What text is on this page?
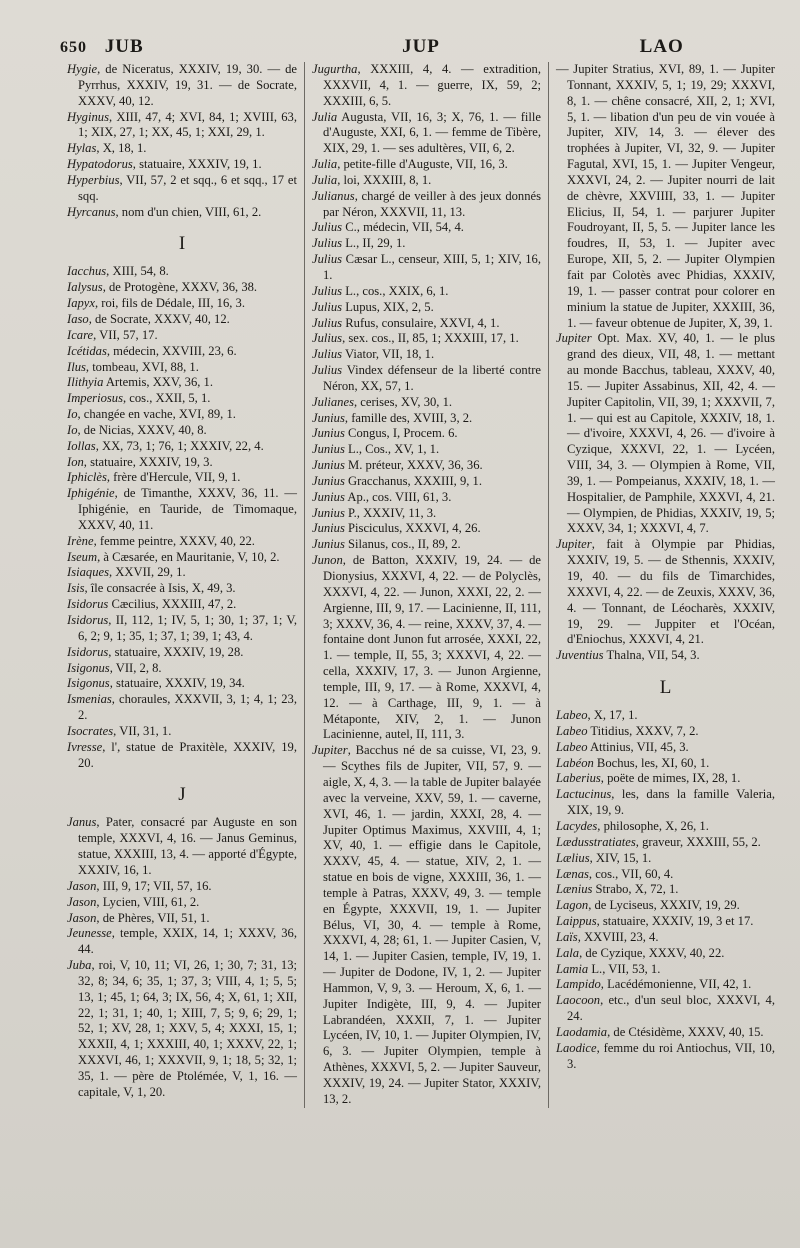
650 JUB	JUP	LAO

Hygie, de Niceratus, XXXIV, 19, 30. — de Pyrrhus, XXXIV, 19, 31. — de Socrate, XXXV, 40, 12.

Hyginus, XIII, 47, 4; XVI, 84, 1; XVIII, 63, 1; XIX, 27, 1; XX, 45, 1; XXI, 29, 1.

Hylas, X, 18, 1.

Hypatodorus, statuaire, XXXIV, 19, 1.

Hyperbius, VII, 57, 2 et sqq., 6 et sqq., 17 et sqq.

Hyrcanus, nom d'un chien, VIII, 61, 2.

I

Iacchus, XIII, 54, 8.

Ialysus, de Protogène, XXXV, 36, 38.

Iapyx, roi, fils de Dédale, III, 16, 3.

Iaso, de Socrate, XXXV, 40, 12.

Icare, VII, 57, 17.

Icétidas, médecin, XXVIII, 23, 6.

Ilus, tombeau, XVI, 88, 1.

Ilithyia Artemis, XXV, 36, 1.

Imperiosus, cos., XXII, 5, 1.

Io, changée en vache, XVI, 89, 1.

Io, de Nicias, XXXV, 40, 8.

Iollas, XX, 73, 1; 76, 1; XXXIV, 22, 4.

Ion, statuaire, XXXIV, 19, 3.

Iphiclès, frère d'Hercule, VII, 9, 1.

Iphigénie, de Timanthe, XXXV, 36, 11. — Iphigénie, en Tauride, de Timomaque, XXXV, 40, 11.

Irène, femme peintre, XXXV, 40, 22.

Iseum, à Cæsarée, en Mauritanie, V, 10, 2.

Isiaques, XXVII, 29, 1.

Isis, île consacrée à Isis, X, 49, 3.

Isidorus Cæcilius, XXXIII, 47, 2.

Isidorus, II, 112, 1; IV, 5, 1; 30, 1; 37, 1; V, 6, 2; 9, 1; 35, 1; 37, 1; 39, 1; 43, 4.

Isidorus, statuaire, XXXIV, 19, 28.

Isigonus, VII, 2, 8.

Isigonus, statuaire, XXXIV, 19, 34.

Ismenias, choraules, XXXVII, 3, 1; 4, 1; 23, 2.

Isocrates, VII, 31, 1.

Ivresse, l', statue de Praxitèle, XXXIV, 19, 20.

J

Janus, Pater, consacré par Auguste en son temple, XXXVI, 4, 16. — Janus Geminus, statue, XXXIII, 13, 4. — apporté d'Égypte, XXXIV, 16, 1.

Jason, III, 9, 17; VII, 57, 16.

Jason, Lycien, VIII, 61, 2.

Jason, de Phères, VII, 51, 1.

Jeunesse, temple, XXIX, 14, 1; XXXV, 36, 44.

Juba, roi, V, 10, 11; VI, 26, 1; 30, 7; 31, 13; 32, 8; 34, 6; 35, 1; 37, 3; VIII, 4, 1; 5, 5; 13, 1; 45, 1; 64, 3; IX, 56, 4; X, 61, 1; XII, 22, 1; 31, 1; 40, 1; XIII, 7, 5; 9, 6; 29, 1; 52, 1; XV, 28, 1; XXV, 5, 4; XXXI, 15, 1; XXXII, 4, 1; XXXIII, 40, 1; XXXV, 22, 1; XXXVI, 46, 1; XXXVII, 9, 1; 18, 5; 32, 1; 35, 1. — père de Ptolémée, V, 1, 16. — capitale, V, 1, 20.

Jugurtha, XXXIII, 4, 4. — extradition, XXXVII, 4, 1. — guerre, IX, 59, 2; XXXIII, 6, 5.

Julia Augusta, VII, 16, 3; X, 76, 1. — fille d'Auguste, XXI, 6, 1. — femme de Tibère, XIX, 29, 1. — ses adultères, VII, 6, 2.

Julia, petite-fille d'Auguste, VII, 16, 3.

Julia, loi, XXXIII, 8, 1.

Julianus, chargé de veiller à des jeux donnés par Néron, XXXVII, 11, 13.

Julius C., médecin, VII, 54, 4.

Julius L., II, 29, 1.

Julius Cæsar L., censeur, XIII, 5, 1; XIV, 16, 1.

Julius L., cos., XXIX, 6, 1.

Julius Lupus, XIX, 2, 5.

Julius Rufus, consulaire, XXVI, 4, 1.

Julius, sex. cos., II, 85, 1; XXXIII, 17, 1.

Julius Viator, VII, 18, 1.

Julius Vindex défenseur de la liberté contre Néron, XX, 57, 1.

Julianes, cerises, XV, 30, 1.

Junius, famille des, XVIII, 3, 2.

Junius Congus, I, Procem. 6.

Junius L., Cos., XV, 1, 1.

Junius M. préteur, XXXV, 36, 36.

Junius Gracchanus, XXXIII, 9, 1.

Junius Ap., cos. VIII, 61, 3.

Junius P., XXXIV, 11, 3.

Junius Pisciculus, XXXVI, 4, 26.

Junius Silanus, cos., II, 89, 2.

Junon, de Batton, XXXIV, 19, 24. — de Dionysius, XXXVI, 4, 22. — de Polyclès, XXXVI, 4, 22. — Junon, XXXI, 22, 2. — Argienne, III, 9, 17. — Lacinienne, II, 111, 3; XXXV, 36, 4. — reine, XXXV, 37, 4. — fontaine dont Junon fut arrosée, XXXI, 22, 1. — temple, II, 55, 3; XXXVI, 4, 22. — cella, XXXIV, 17, 3. — Junon Argienne, temple, III, 9, 17. — à Rome, XXXVI, 4, 12. — à Carthage, III, 9, 1. — à Métaponte, XIV, 2, 1. — Junon Lacinienne, autel, II, 111, 3.

Jupiter, Bacchus né de sa cuisse, VI, 23, 9. — Scythes fils de Jupiter, VII, 57, 9. — aigle, X, 4, 3. — la table de Jupiter balayée avec la verveine, XXV, 59, 1. — caverne, XVI, 46, 1. — jardin, XXXI, 28, 4. — Jupiter Optimus Maximus, XXVIII, 4, 1; XV, 40, 1. — effigie dans le Capitole, XXXV, 45, 4. — statue, XIV, 2, 1. — statue en bois de vigne, XXXIII, 36, 1. — temple à Patras, XXXV, 49, 3. — temple en Égypte, XXXVII, 19, 1. — Jupiter Bélus, VI, 30, 4. — temple à Rome, XXXVI, 4, 28; 61, 1. — Jupiter Casien, V, 14, 1. — Jupiter Casien, temple, IV, 19, 1. — Jupiter de Dodone, IV, 1, 2. — Jupiter Hammon, V, 9, 3. — Heroum, X, 6, 1. — Jupiter Indigète, III, 9, 4. — Jupiter Labrandéen, XXXII, 7, 1. — Jupiter Lycéen, IV, 10, 1. — Jupiter Olympien, IV, 6, 3. — Jupiter Olympien, temple à Athènes, XXXVI, 5, 2. — Jupiter Sauveur, XXXIV, 19, 24. — Jupiter Stator, XXXIV, 13, 2.

— Jupiter Stratius, XVI, 89, 1. — Jupiter Tonnant, XXXIV, 5, 1; 19, 29; XXXVI, 8, 1. — chêne consacré, XII, 2, 1; XVI, 5, 1. — libation d'un peu de vin vouée à Jupiter, XIV, 14, 3. — élever des trophées à Jupiter, VI, 32, 9. — Jupiter Fagutal, XVI, 15, 1. — Jupiter Vengeur, XXXVI, 24, 2. — Jupiter nourri de lait de chèvre, XXVIIII, 33, 1. — Jupiter Elicius, II, 54, 1. — parjurer Jupiter Foudroyant, II, 5, 5. — Jupiter lance les foudres, II, 53, 1. — Jupiter avec Europe, XII, 5, 2. — Jupiter Olympien fait par Colotès avec Phidias, XXXIV, 19, 1. — passer contrat pour colorer en minium la statue de Jupiter, XXXIII, 36, 1. — faveur obtenue de Jupiter, X, 39, 1.

Jupiter Opt. Max. XV, 40, 1. — le plus grand des dieux, VII, 48, 1. — mettant au monde Bacchus, tableau, XXXV, 40, 15. — Jupiter Assabinus, XII, 42, 4. — Jupiter Capitolin, VII, 39, 1; XXXVII, 7, 1. — qui est au Capitole, XXXIV, 18, 1. — d'ivoire, XXXVI, 4, 26. — d'ivoire à Cyzique, XXXVI, 22, 1. — Lycéen, VIII, 34, 3. — Olympien à Rome, VII, 39, 1. — Pompeianus, XXXIV, 18, 1. — Hospitalier, de Pamphile, XXXVI, 4, 21. — Olympien, de Phidias, XXXIV, 19, 5; XXXV, 34, 1; XXXVI, 4, 7.

Jupiter, fait à Olympie par Phidias, XXXIV, 19, 5. — de Sthennis, XXXIV, 19, 40. — du fils de Timarchides, XXXVI, 4, 22. — de Zeuxis, XXXV, 36, 4. — Tonnant, de Léocharès, XXXIV, 19, 29. — Juppiter et l'Océan, d'Eniochus, XXXVI, 4, 21.

Juventius Thalna, VII, 54, 3.

L

Labeo, X, 17, 1.

Labeo Titidius, XXXV, 7, 2.

Labeo Attinius, VII, 45, 3.

Labéon Bochus, les, XI, 60, 1.

Laberius, poëte de mimes, IX, 28, 1.

Lactucinus, les, dans la famille Valeria, XIX, 19, 9.

Lacydes, philosophe, X, 26, 1.

Lædusstratiates, graveur, XXXIII, 55, 2.

Lælius, XIV, 15, 1.

Lænas, cos., VII, 60, 4.

Lænius Strabo, X, 72, 1.

Lagon, de Lyciseus, XXXIV, 19, 29.

Laippus, statuaire, XXXIV, 19, 3 et 17.

Laïs, XXVIII, 23, 4.

Lala, de Cyzique, XXXV, 40, 22.

Lamia L., VII, 53, 1.

Lampido, Lacédémonienne, VII, 42, 1.

Laocoon, etc., d'un seul bloc, XXXVI, 4, 24.

Laodamia, de Ctésidème, XXXV, 40, 15.

Laodice, femme du roi Antiochus, VII, 10, 3.
